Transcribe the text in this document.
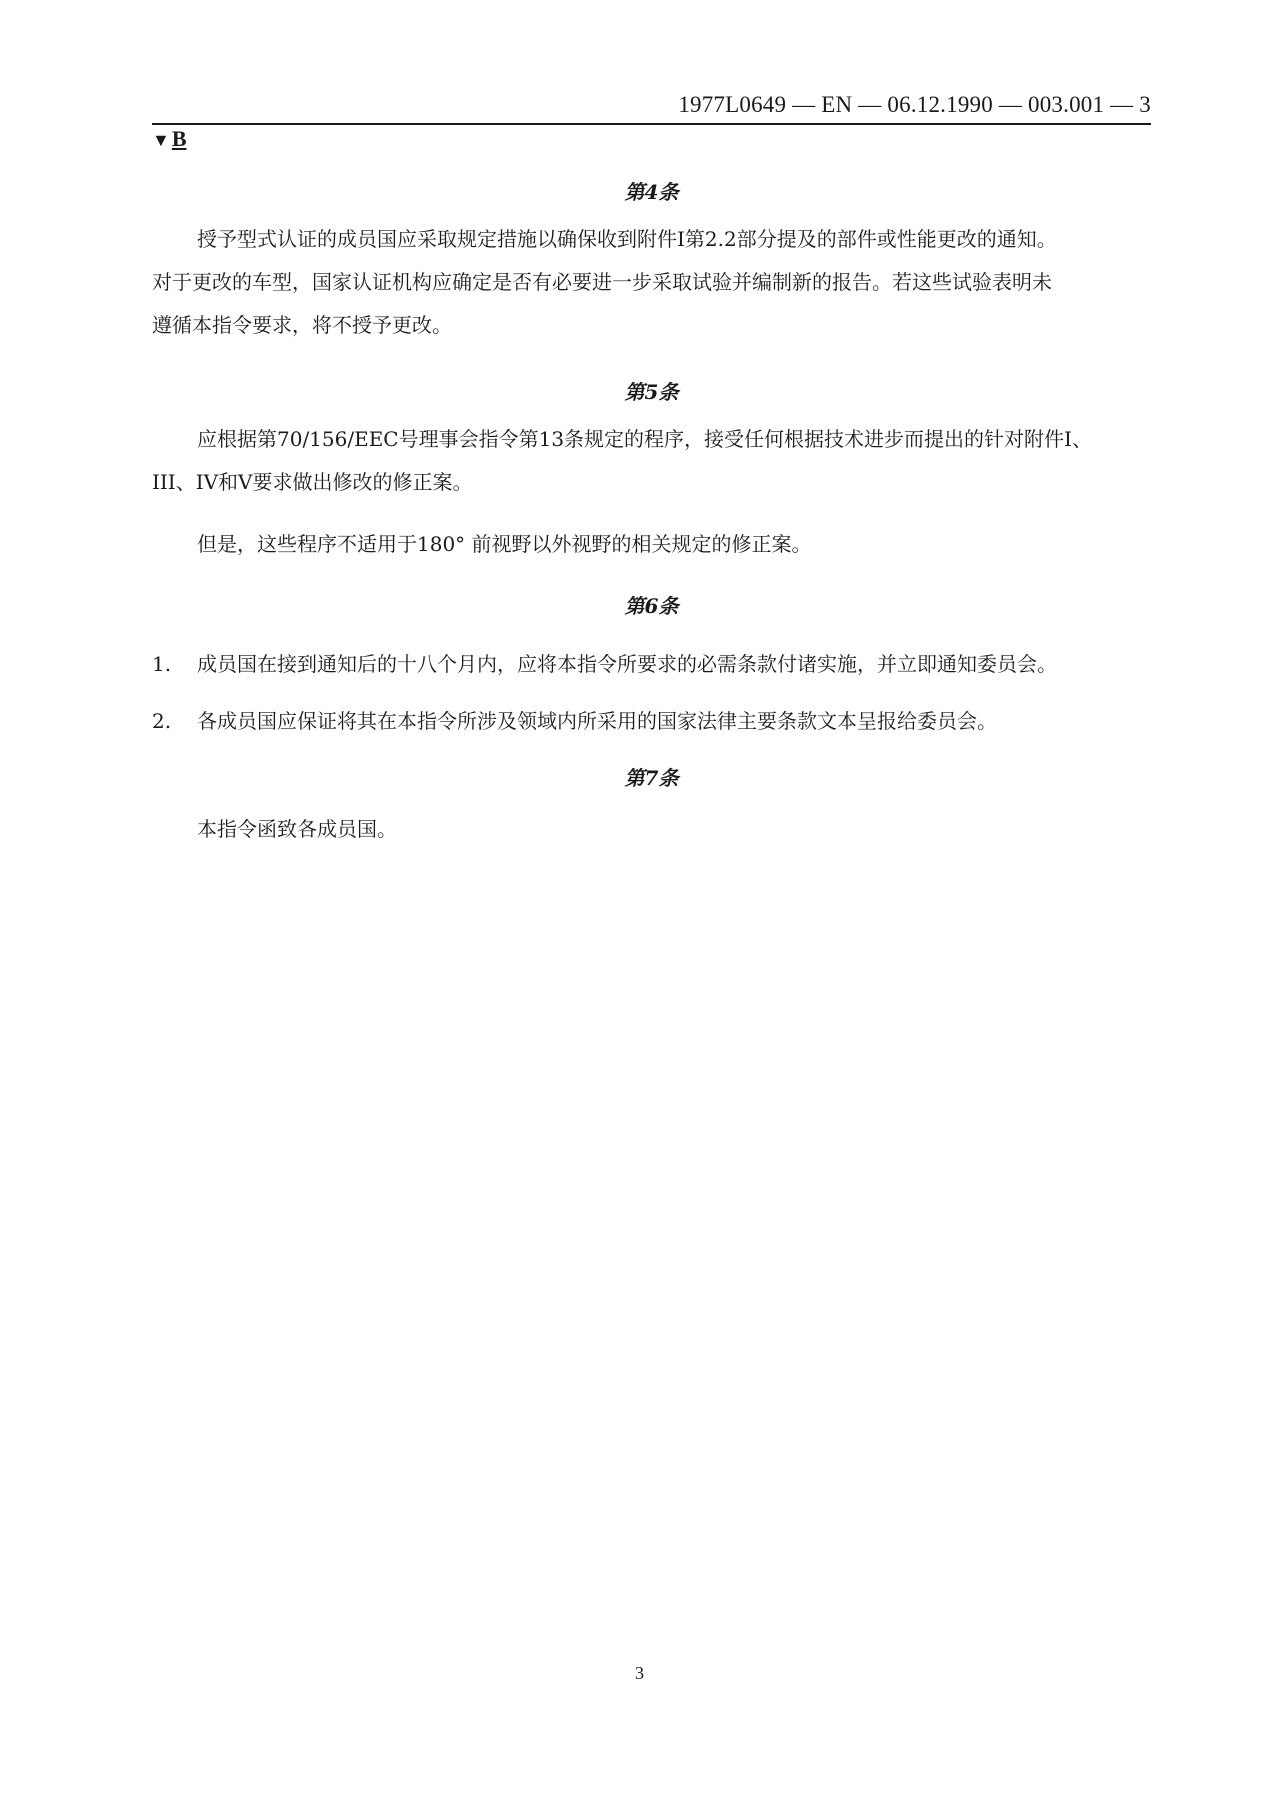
1977L0649 — EN — 06.12.1990 — 003.001 — 3
▼B
第4条
授予型式认证的成员国应采取规定措施以确保收到附件I第2.2部分提及的部件或性能更改的通知。
对于更改的车型，国家认证机构应确定是否有必要进一步采取试验并编制新的报告。若这些试验表明未
遵循本指令要求，将不授予更改。
第5条
应根据第70/156/EEC号理事会指令第13条规定的程序，接受任何根据技术进步而提出的针对附件I、
III、IV和V要求做出修改的修正案。
但是，这些程序不适用于180° 前视野以外视野的相关规定的修正案。
第6条
1. 成员国在接到通知后的十八个月内，应将本指令所要求的必需条款付诸实施，并立即通知委员会。
2. 各成员国应保证将其在本指令所涉及领域内所采用的国家法律主要条款文本呈报给委员会。
第7条
本指令函致各成员国。
3
